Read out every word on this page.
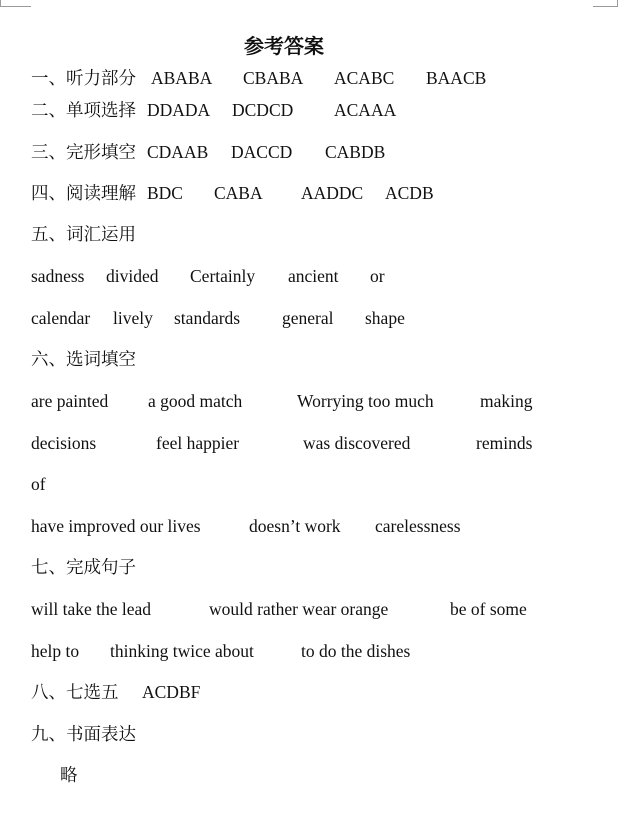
参考答案
一、听力部分 ABABA CBABA ACABC BAACB
二、单项选择 DDADA DCDCD ACAAA
三、完形填空 CDAAB DACCD CABDB
四、阅读理解 BDC CABA AADDC ACDB
五、词汇运用
sadness divided Certainly ancient or
calendar lively standards general shape
六、选词填空
are painted a good match	Worrying too much	making
decisions	feel happier	was discovered	reminds
of
have improved our lives	doesn’t work carelessness
七、完成句子
will take the lead	would rather wear orange	be of some
help to thinking twice about	to do the dishes
八、七选五 ACDBF
九、书面表达
略
